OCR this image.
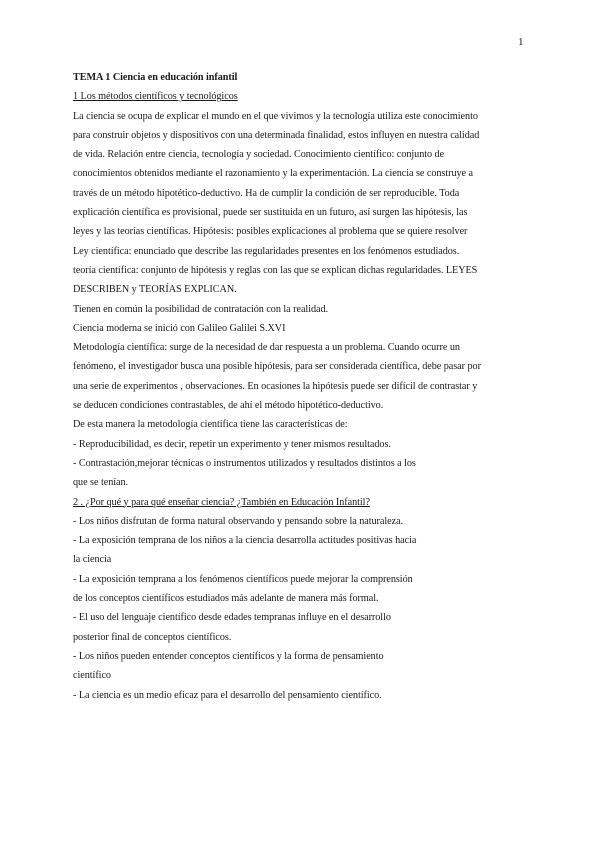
1
TEMA 1 Ciencia en educación infantil
1 Los métodos científicos y tecnológicos
La ciencia se ocupa de explicar el mundo en el que vivimos y la tecnología utiliza este conocimiento
para construir objetos y dispositivos con una determinada finalidad, estos influyen en nuestra calidad
de vida. Relación entre ciencia, tecnología y sociedad. Conocimiento científico: conjunto de
conocimientos obtenidos mediante el razonamiento y la experimentación. La ciencia se construye a
través de un método hipotético-deductivo. Ha de cumplir la condición de ser reproducible. Toda
explicación científica es provisional, puede ser sustituida en un futuro, así surgen las hipótesis, las
leyes y las teorías científicas. Hipótesis: posibles explicaciones al problema que se quiere resolver
Ley científica: enunciado que describe las regularidades presentes en los fenómenos estudiados.
teoría científica: conjunto de hipótesis y reglas con las que se explican dichas regularidades. LEYES
DESCRIBEN y TEORÍAS EXPLICAN.
Tienen en común la posibilidad de contratación con la realidad.
Ciencia moderna se inició con Galileo Galilei S.XVI
Metodología científica: surge de la necesidad de dar respuesta a un problema. Cuando ocurre un
fenómeno, el investigador busca una posible hipótesis, para ser considerada científica, debe pasar por
una serie de experimentos , observaciones. En ocasiones la hipótesis puede ser difícil de contrastar y
se deducen condiciones contrastables, de ahí el método hipotético-deductivo.
De esta manera la metodología científica tiene las características de:
- Reproducibilidad, es decir, repetir un experimento y tener mismos resultados.
- Contrastación,mejorar técnicas o instrumentos utilizados y resultados distintos a los
que se tenían.
2 . ¿Por qué y para qué enseñar ciencia? ¿También en Educación Infantil?
- Los niños disfrutan de forma natural observando y pensando sobre la naturaleza.
- La exposición temprana de los niños a la ciencia desarrolla actitudes positivas hacia
la ciencia
- La exposición temprana a los fenómenos científicos puede mejorar la comprensión
de los conceptos científicos estudiados más adelante de manera más formal.
- El uso del lenguaje científico desde edades tempranas influye en el desarrollo
posterior final de conceptos científicos.
- Los niños pueden entender conceptos científicos y la forma de pensamiento
científico
- La ciencia es un medio eficaz para el desarrollo del pensamiento científico.
